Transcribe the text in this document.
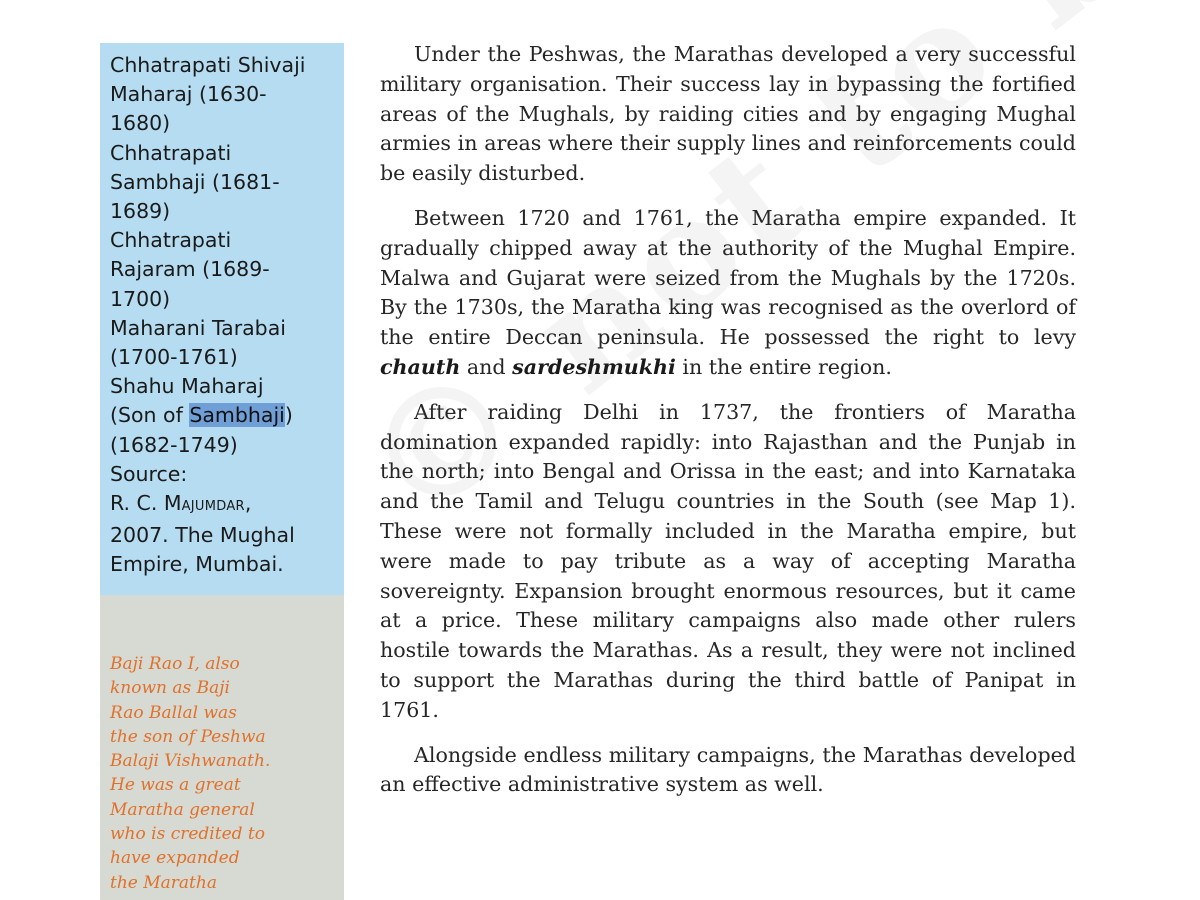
Chhatrapati Shivaji
Maharaj (1630-
1680)
Chhatrapati
Sambhaji (1681-
1689)
Chhatrapati
Rajaram (1689-
1700)
Maharani Tarabai
(1700-1761)
Shahu Maharaj
(Son of Sambhaji)
(1682-1749)
Source:
R. C. MAJUMDAR,
2007. The Mughal
Empire, Mumbai.
Baji Rao I, also
known as Baji
Rao Ballal was
the son of Peshwa
Balaji Vishwanath.
He was a great
Maratha general
who is credited to
have expanded
the Maratha

Under the Peshwas, the Marathas developed a very successful military organisation. Their success lay in bypassing the fortified areas of the Mughals, by raiding cities and by engaging Mughal armies in areas where their supply lines and reinforcements could be easily disturbed.

Between 1720 and 1761, the Maratha empire expanded. It gradually chipped away at the authority of the Mughal Empire. Malwa and Gujarat were seized from the Mughals by the 1720s. By the 1730s, the Maratha king was recognised as the overlord of the entire Deccan peninsula. He possessed the right to levy chauth and sardeshmukhi in the entire region.

After raiding Delhi in 1737, the frontiers of Maratha domination expanded rapidly: into Rajasthan and the Punjab in the north; into Bengal and Orissa in the east; and into Karnataka and the Tamil and Telugu countries in the South (see Map 1). These were not formally included in the Maratha empire, but were made to pay tribute as a way of accepting Maratha sovereignty. Expansion brought enormous resources, but it came at a price. These military campaigns also made other rulers hostile towards the Marathas. As a result, they were not inclined to support the Marathas during the third battle of Panipat in 1761.

Alongside endless military campaigns, the Marathas developed an effective administrative system as well.
